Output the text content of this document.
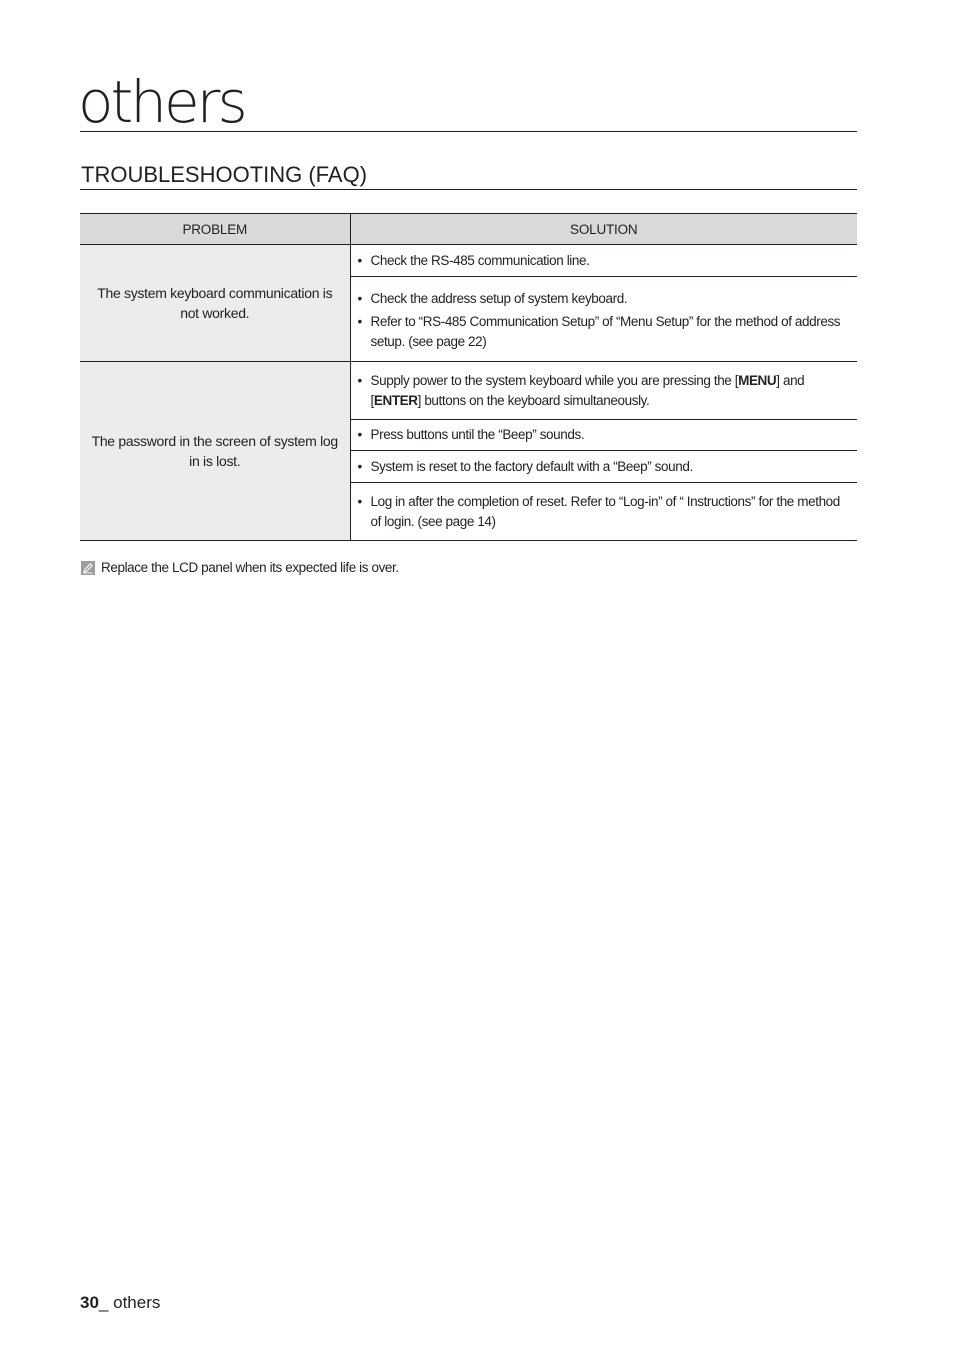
others
TROUBLESHOOTING (FAQ)
PROBLEM	SOLUTION
The system keyboard communication is not worked.	• Check the RS-485 communication line.

	• Check the address setup of system keyboard.
• Refer to “RS-485 Communication Setup” of “Menu Setup” for the method of address setup. (see page 22)

The password in the screen of system log in is lost.	• Supply power to the system keyboard while you are pressing the [MENU] and [ENTER] buttons on the keyboard simultaneously.

	• Press buttons until the “Beep” sounds.

	• System is reset to the factory default with a “Beep” sound.

	• Log in after the completion of reset. Refer to “Log-in” of “ Instructions” for the method of login. (see page 14)
Replace the LCD panel when its expected life is over.
30_ others
